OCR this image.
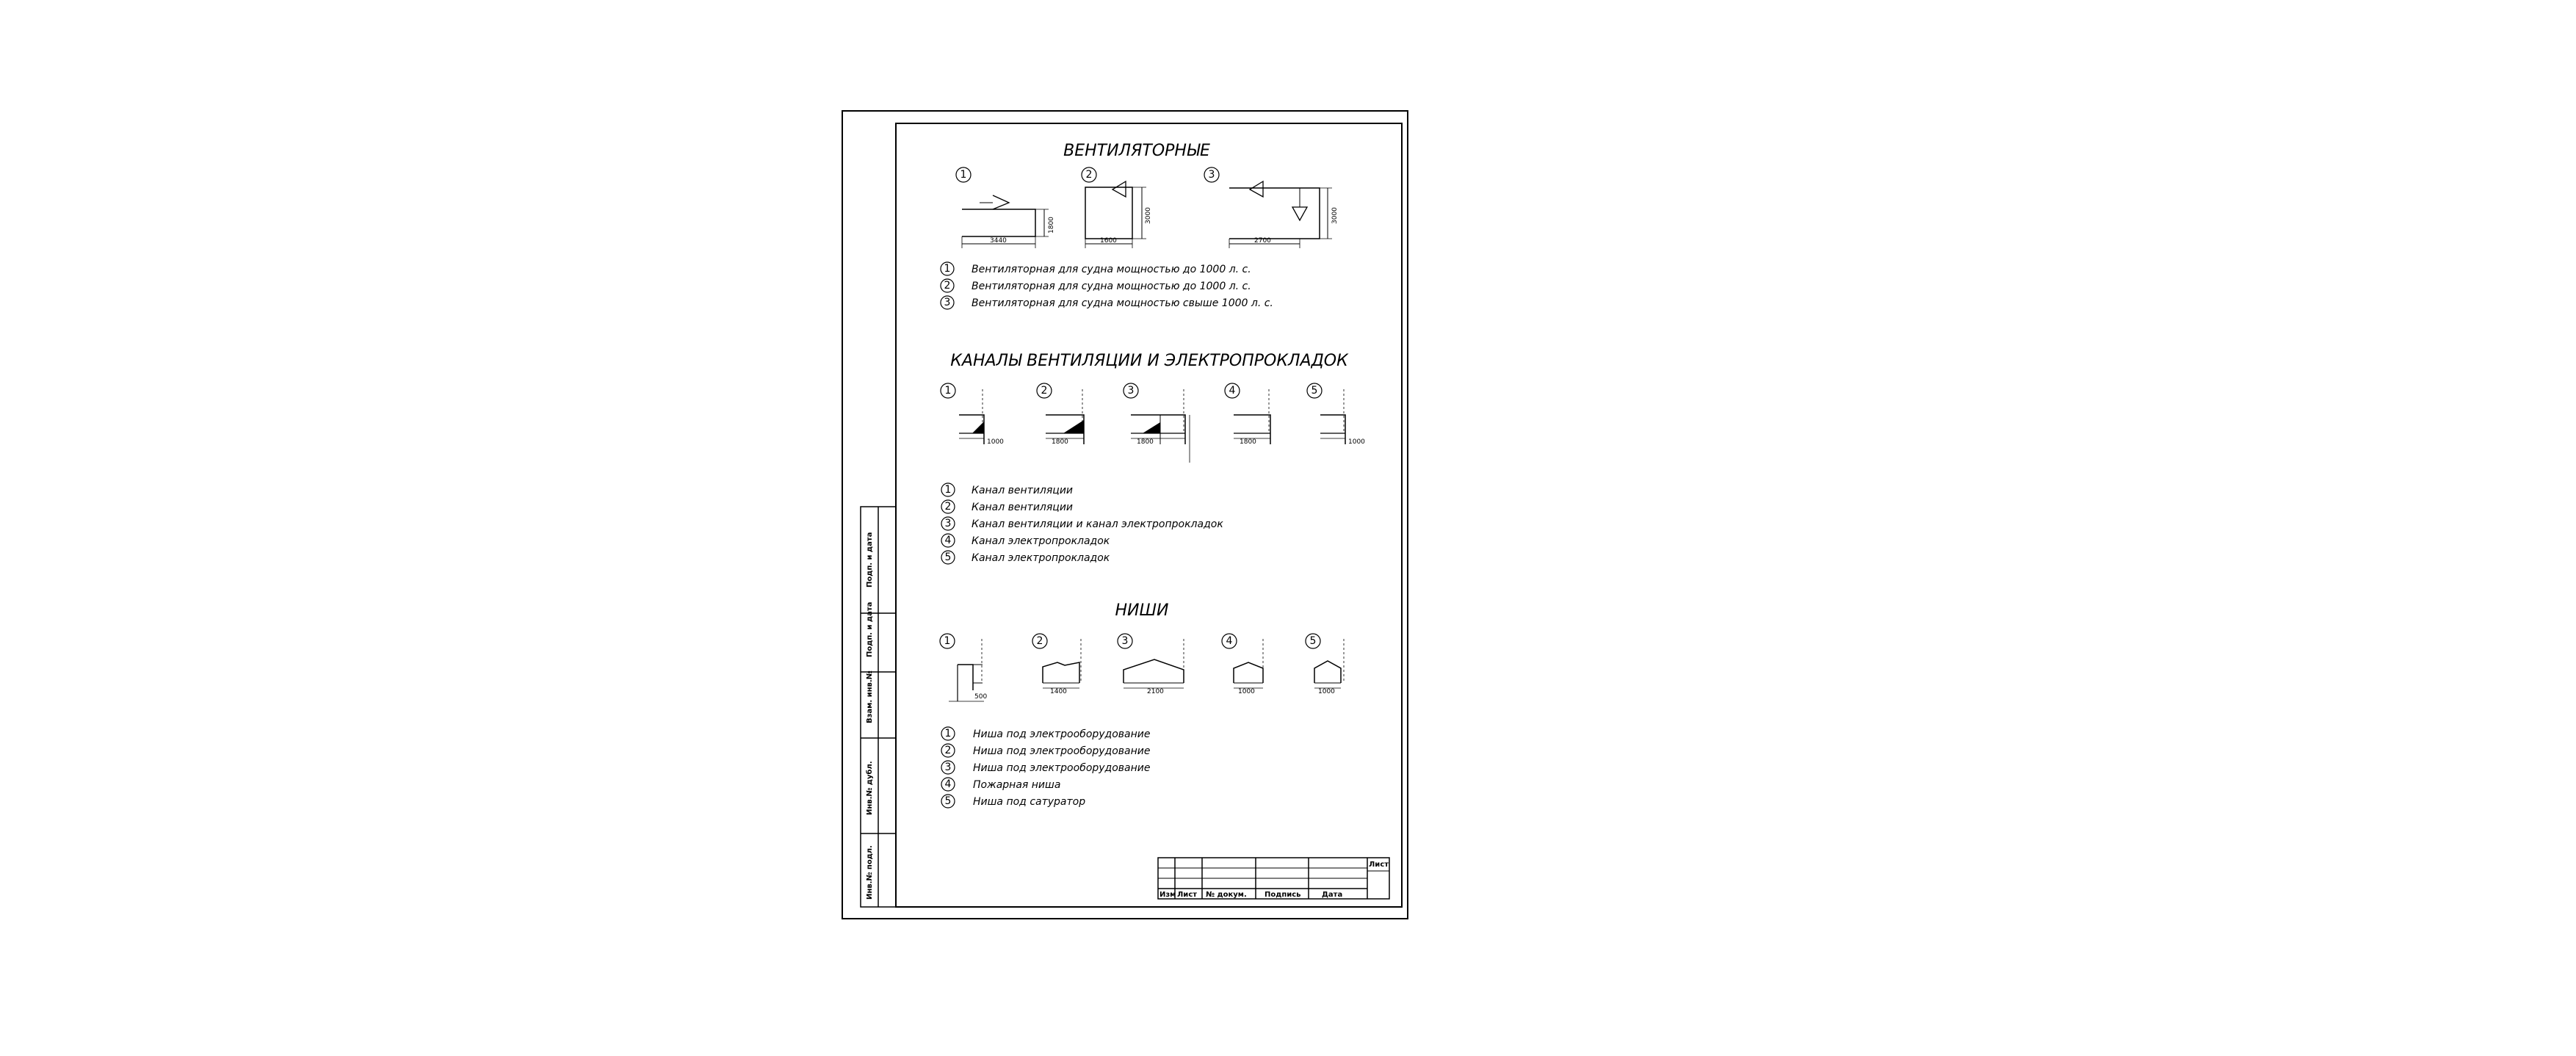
Подп. и дата
Подп. и дата
Взам. инв.№
Инв.№ дубл.
Инв.№ подл.	Лист
Изм Лист № докум. Подпись	Дата
ВЕНТИЛЯТОРНЫЕ
1
1800
3440
2
3000
1600
3
3000
2700
1 Вентиляторная для судна мощностью до 1000 л. с.
2 Вентиляторная для судна мощностью до 1000 л. с.
3 Вентиляторная для судна мощностью свыше 1000 л. с.
КАНАЛЫ ВЕНТИЛЯЦИИ И ЭЛЕКТРОПРОКЛАДОК
1
1000
2
1800
3
1800
4
1800
5
1000
1 Канал вентиляции
2 Канал вентиляции
3 Канал вентиляции и канал электропрокладок
4 Канал электропрокладок
5 Канал электропрокладок
НИШИ
1
500
2
1400
3
2100
4
1000
5
1000
1 Ниша под электрооборудование
2 Ниша под электрооборудование
3 Ниша под электрооборудование
4 Пожарная ниша
5 Ниша под сатуратор
